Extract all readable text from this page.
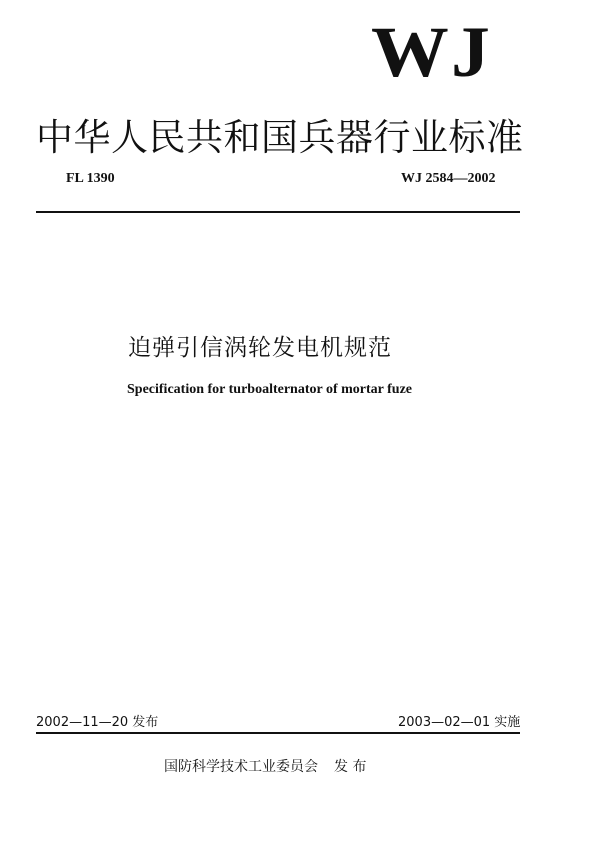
WJ
中华人民共和国兵器行业标准
FL 1390	WJ 2584—2002
迫弹引信涡轮发电机规范
Specification for turboalternator of mortar fuze
2002—11—20 发布	2003—02—01 实施
国防科学技术工业委员会 发 布
